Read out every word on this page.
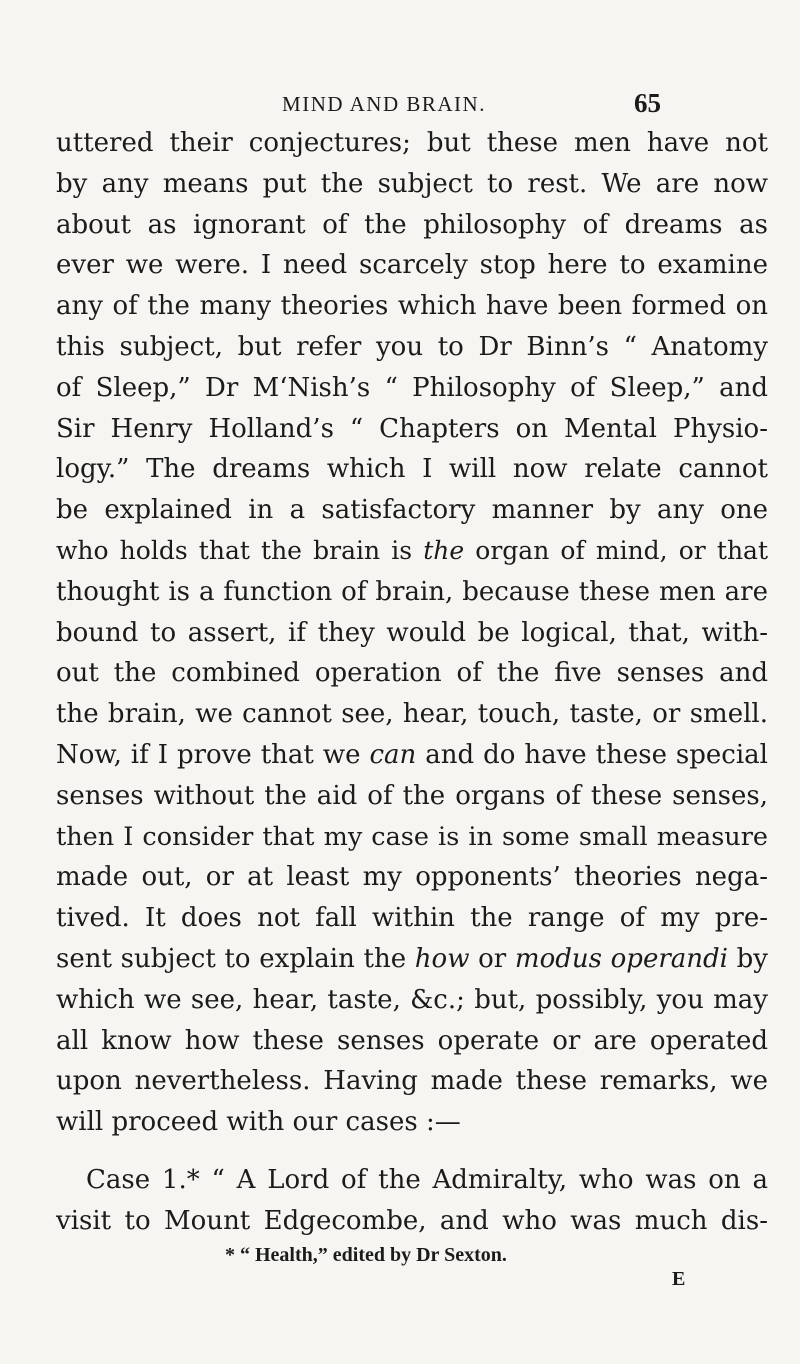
MIND AND BRAIN.	65
uttered their conjectures; but these men have not
by any means put the subject to rest. We are now
about as ignorant of the philosophy of dreams as
ever we were. I need scarcely stop here to examine
any of the many theories which have been formed on
this subject, but refer you to Dr Binn’s “ Anatomy
of Sleep,” Dr M‘Nish’s “ Philosophy of Sleep,” and
Sir Henry Holland’s “ Chapters on Mental Physio-
logy.” The dreams which I will now relate cannot
be explained in a satisfactory manner by any one
who holds that the brain is the organ of mind, or that
thought is a function of brain, because these men are
bound to assert, if they would be logical, that, with-
out the combined operation of the five senses and
the brain, we cannot see, hear, touch, taste, or smell.
Now, if I prove that we can and do have these special
senses without the aid of the organs of these senses,
then I consider that my case is in some small measure
made out, or at least my opponents’ theories nega-
tived. It does not fall within the range of my pre-
sent subject to explain the how or modus operandi by
which we see, hear, taste, &c.; but, possibly, you may
all know how these senses operate or are operated
upon nevertheless. Having made these remarks, we
will proceed with our cases :—
Case 1.* “ A Lord of the Admiralty, who was on a
visit to Mount Edgecombe, and who was much dis-
* “ Health,” edited by Dr Sexton.
E
